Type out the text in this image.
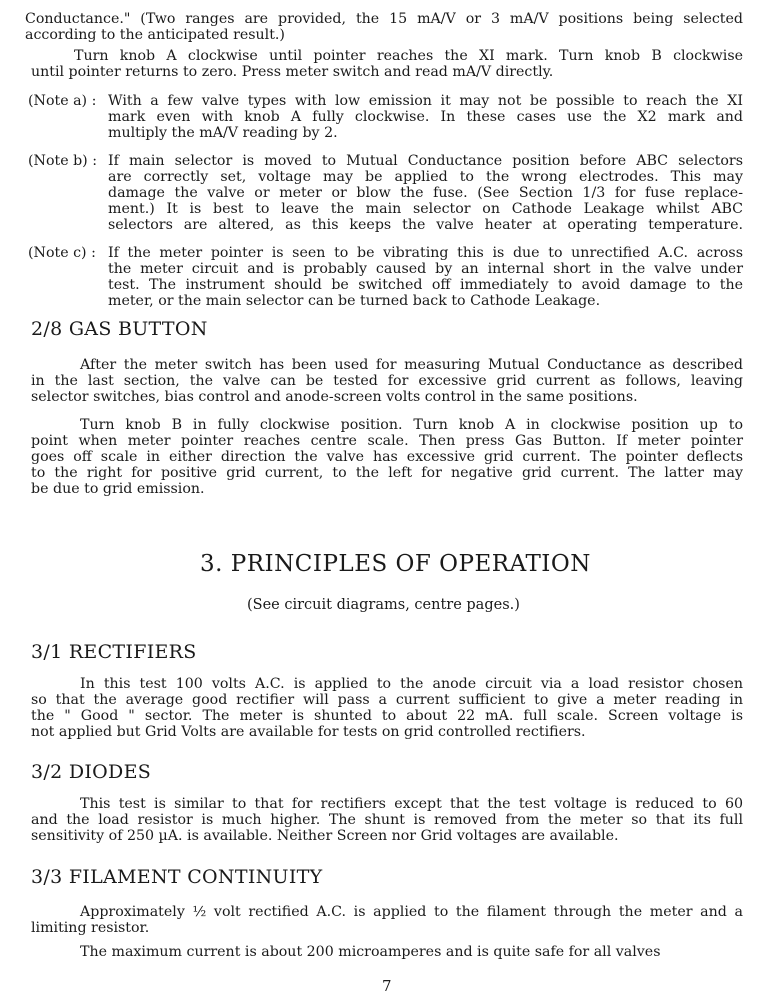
Conductance." (Two ranges are provided, the 15 mA/V or 3 mA/V positions being selected
according to the anticipated result.)
Turn knob A clockwise until pointer reaches the XI mark. Turn knob B clockwise
until pointer returns to zero. Press meter switch and read mA/V directly.
(Note a) : With a few valve types with low emission it may not be possible to reach the XI
mark even with knob A fully clockwise. In these cases use the X2 mark and
multiply the mA/V reading by 2.
(Note b) : If main selector is moved to Mutual Conductance position before ABC selectors
are correctly set, voltage may be applied to the wrong electrodes. This may
damage the valve or meter or blow the fuse. (See Section 1/3 for fuse replace-
ment.) It is best to leave the main selector on Cathode Leakage whilst ABC
selectors are altered, as this keeps the valve heater at operating temperature.
(Note c) : If the meter pointer is seen to be vibrating this is due to unrectified A.C. across
the meter circuit and is probably caused by an internal short in the valve under
test. The instrument should be switched off immediately to avoid damage to the
meter, or the main selector can be turned back to Cathode Leakage.
2/8 GAS BUTTON
After the meter switch has been used for measuring Mutual Conductance as described
in the last section, the valve can be tested for excessive grid current as follows, leaving
selector switches, bias control and anode-screen volts control in the same positions.
Turn knob B in fully clockwise position. Turn knob A in clockwise position up to
point when meter pointer reaches centre scale. Then press Gas Button. If meter pointer
goes off scale in either direction the valve has excessive grid current. The pointer deflects
to the right for positive grid current, to the left for negative grid current. The latter may
be due to grid emission.
3. PRINCIPLES OF OPERATION
(See circuit diagrams, centre pages.)
3/1 RECTIFIERS
In this test 100 volts A.C. is applied to the anode circuit via a load resistor chosen
so that the average good rectifier will pass a current sufficient to give a meter reading in
the " Good " sector. The meter is shunted to about 22 mA. full scale. Screen voltage is
not applied but Grid Volts are available for tests on grid controlled rectifiers.
3/2 DIODES
This test is similar to that for rectifiers except that the test voltage is reduced to 60
and the load resistor is much higher. The shunt is removed from the meter so that its full
sensitivity of 250 µA. is available. Neither Screen nor Grid voltages are available.
3/3 FILAMENT CONTINUITY
Approximately ½ volt rectified A.C. is applied to the filament through the meter and a
limiting resistor.
The maximum current is about 200 microamperes and is quite safe for all valves
7
